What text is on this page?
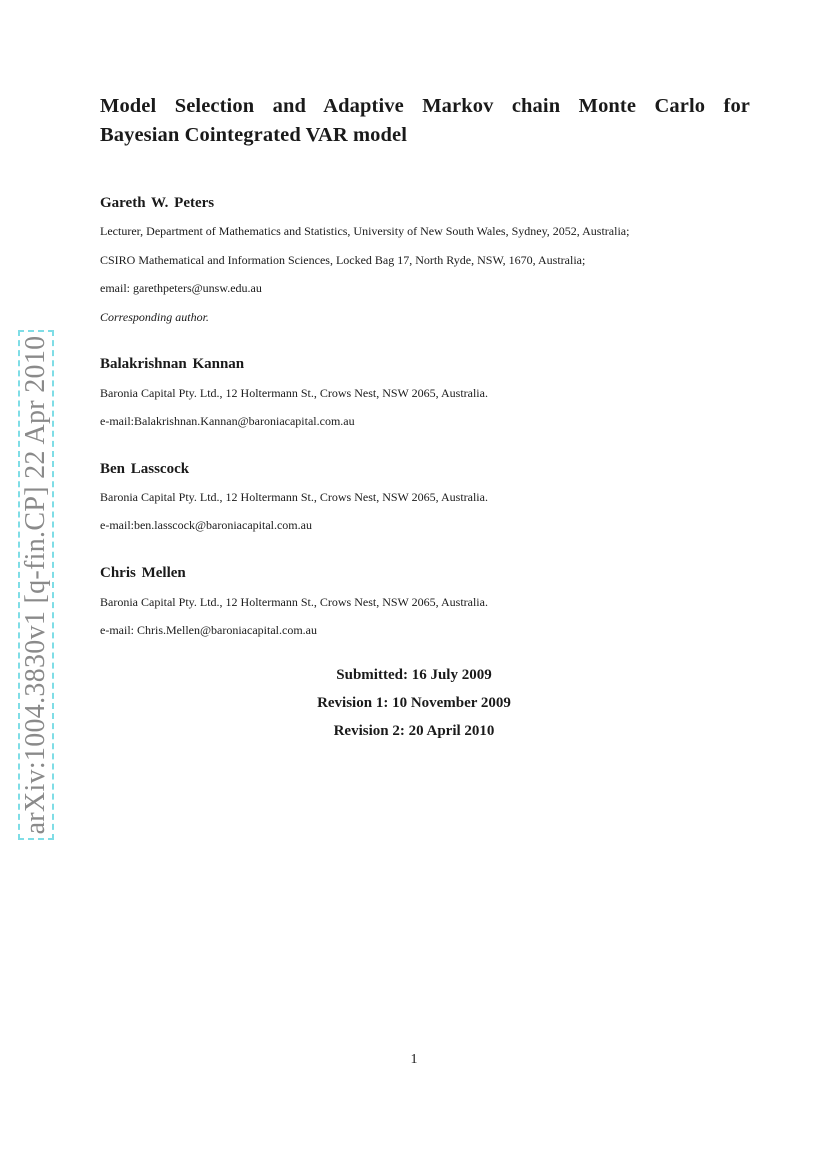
arXiv:1004.3830v1 [q-fin.CP] 22 Apr 2010
Model Selection and Adaptive Markov chain Monte Carlo for
Bayesian Cointegrated VAR model

Gareth W. Peters

Lecturer, Department of Mathematics and Statistics, University of New South Wales, Sydney, 2052, Australia;

CSIRO Mathematical and Information Sciences, Locked Bag 17, North Ryde, NSW, 1670, Australia;

email: garethpeters@unsw.edu.au

Corresponding author.

Balakrishnan Kannan

Baronia Capital Pty. Ltd., 12 Holtermann St., Crows Nest, NSW 2065, Australia.

e-mail:Balakrishnan.Kannan@baroniacapital.com.au

Ben Lasscock

Baronia Capital Pty. Ltd., 12 Holtermann St., Crows Nest, NSW 2065, Australia.

e-mail:ben.lasscock@baroniacapital.com.au

Chris Mellen

Baronia Capital Pty. Ltd., 12 Holtermann St., Crows Nest, NSW 2065, Australia.

e-mail: Chris.Mellen@baroniacapital.com.au

Submitted: 16 July 2009

Revision 1: 10 November 2009

Revision 2: 20 April 2010

1
